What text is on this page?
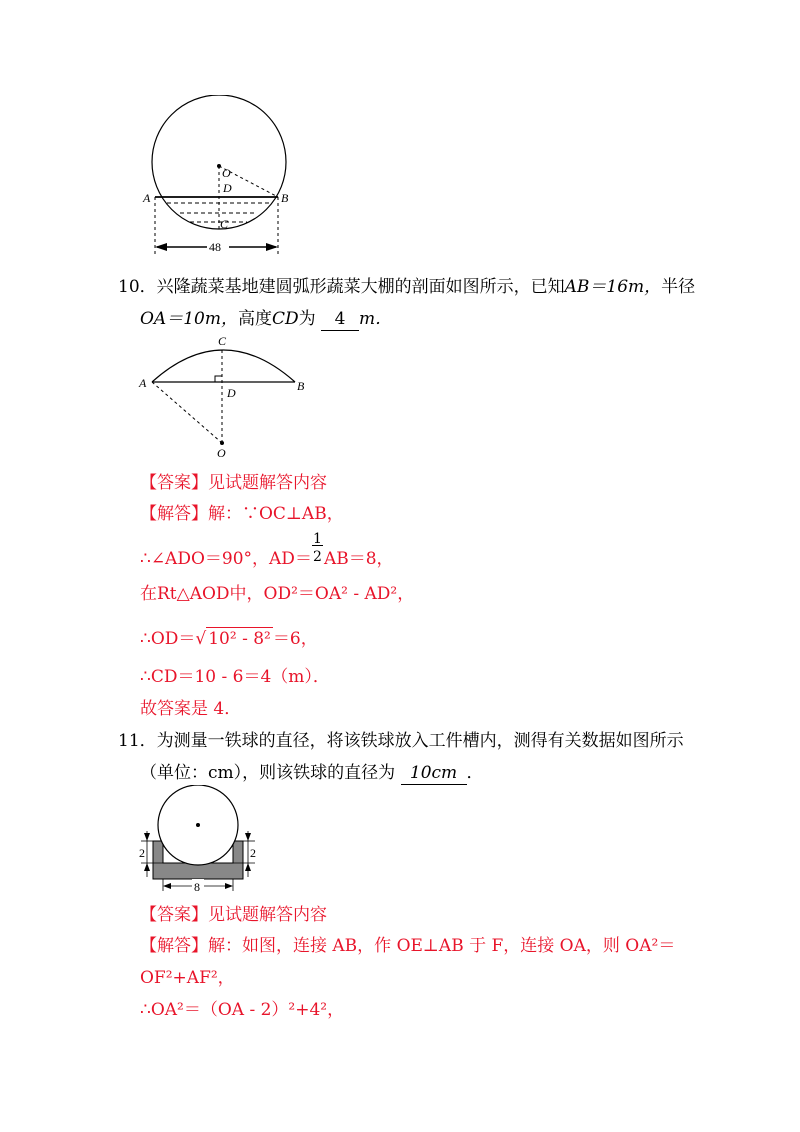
O
D
A	B
C
48
10．兴隆蔬菜基地建圆弧形蔬菜大棚的剖面如图所示，已知AB＝16m，半径
OA＝10m，高度CD为 4 m．
C
A	B
D
O
【答案】见试题解答内容
【解答】解：∵OC⊥AB，
∴∠ADO＝90°，$AD= \frac{1}{2} AB=8$，
在Rt△AOD中，OD²＝OA² ‑ AD²，
∴OD＝√ 10² ‑ 8² ＝6，
∴CD＝10 ‑ 6＝4（m）．
故答案是 4．
11．为测量一铁球的直径，将该铁球放入工件槽内，测得有关数据如图所示
（单位：cm），则该铁球的直径为 10cm ．
2	2
8
【答案】见试题解答内容
【解答】解：如图，连接 AB，作 OE⊥AB 于 F，连接 OA，则 OA²＝
OF²+AF²，
∴OA²＝（OA ‑ 2）²+4²，
